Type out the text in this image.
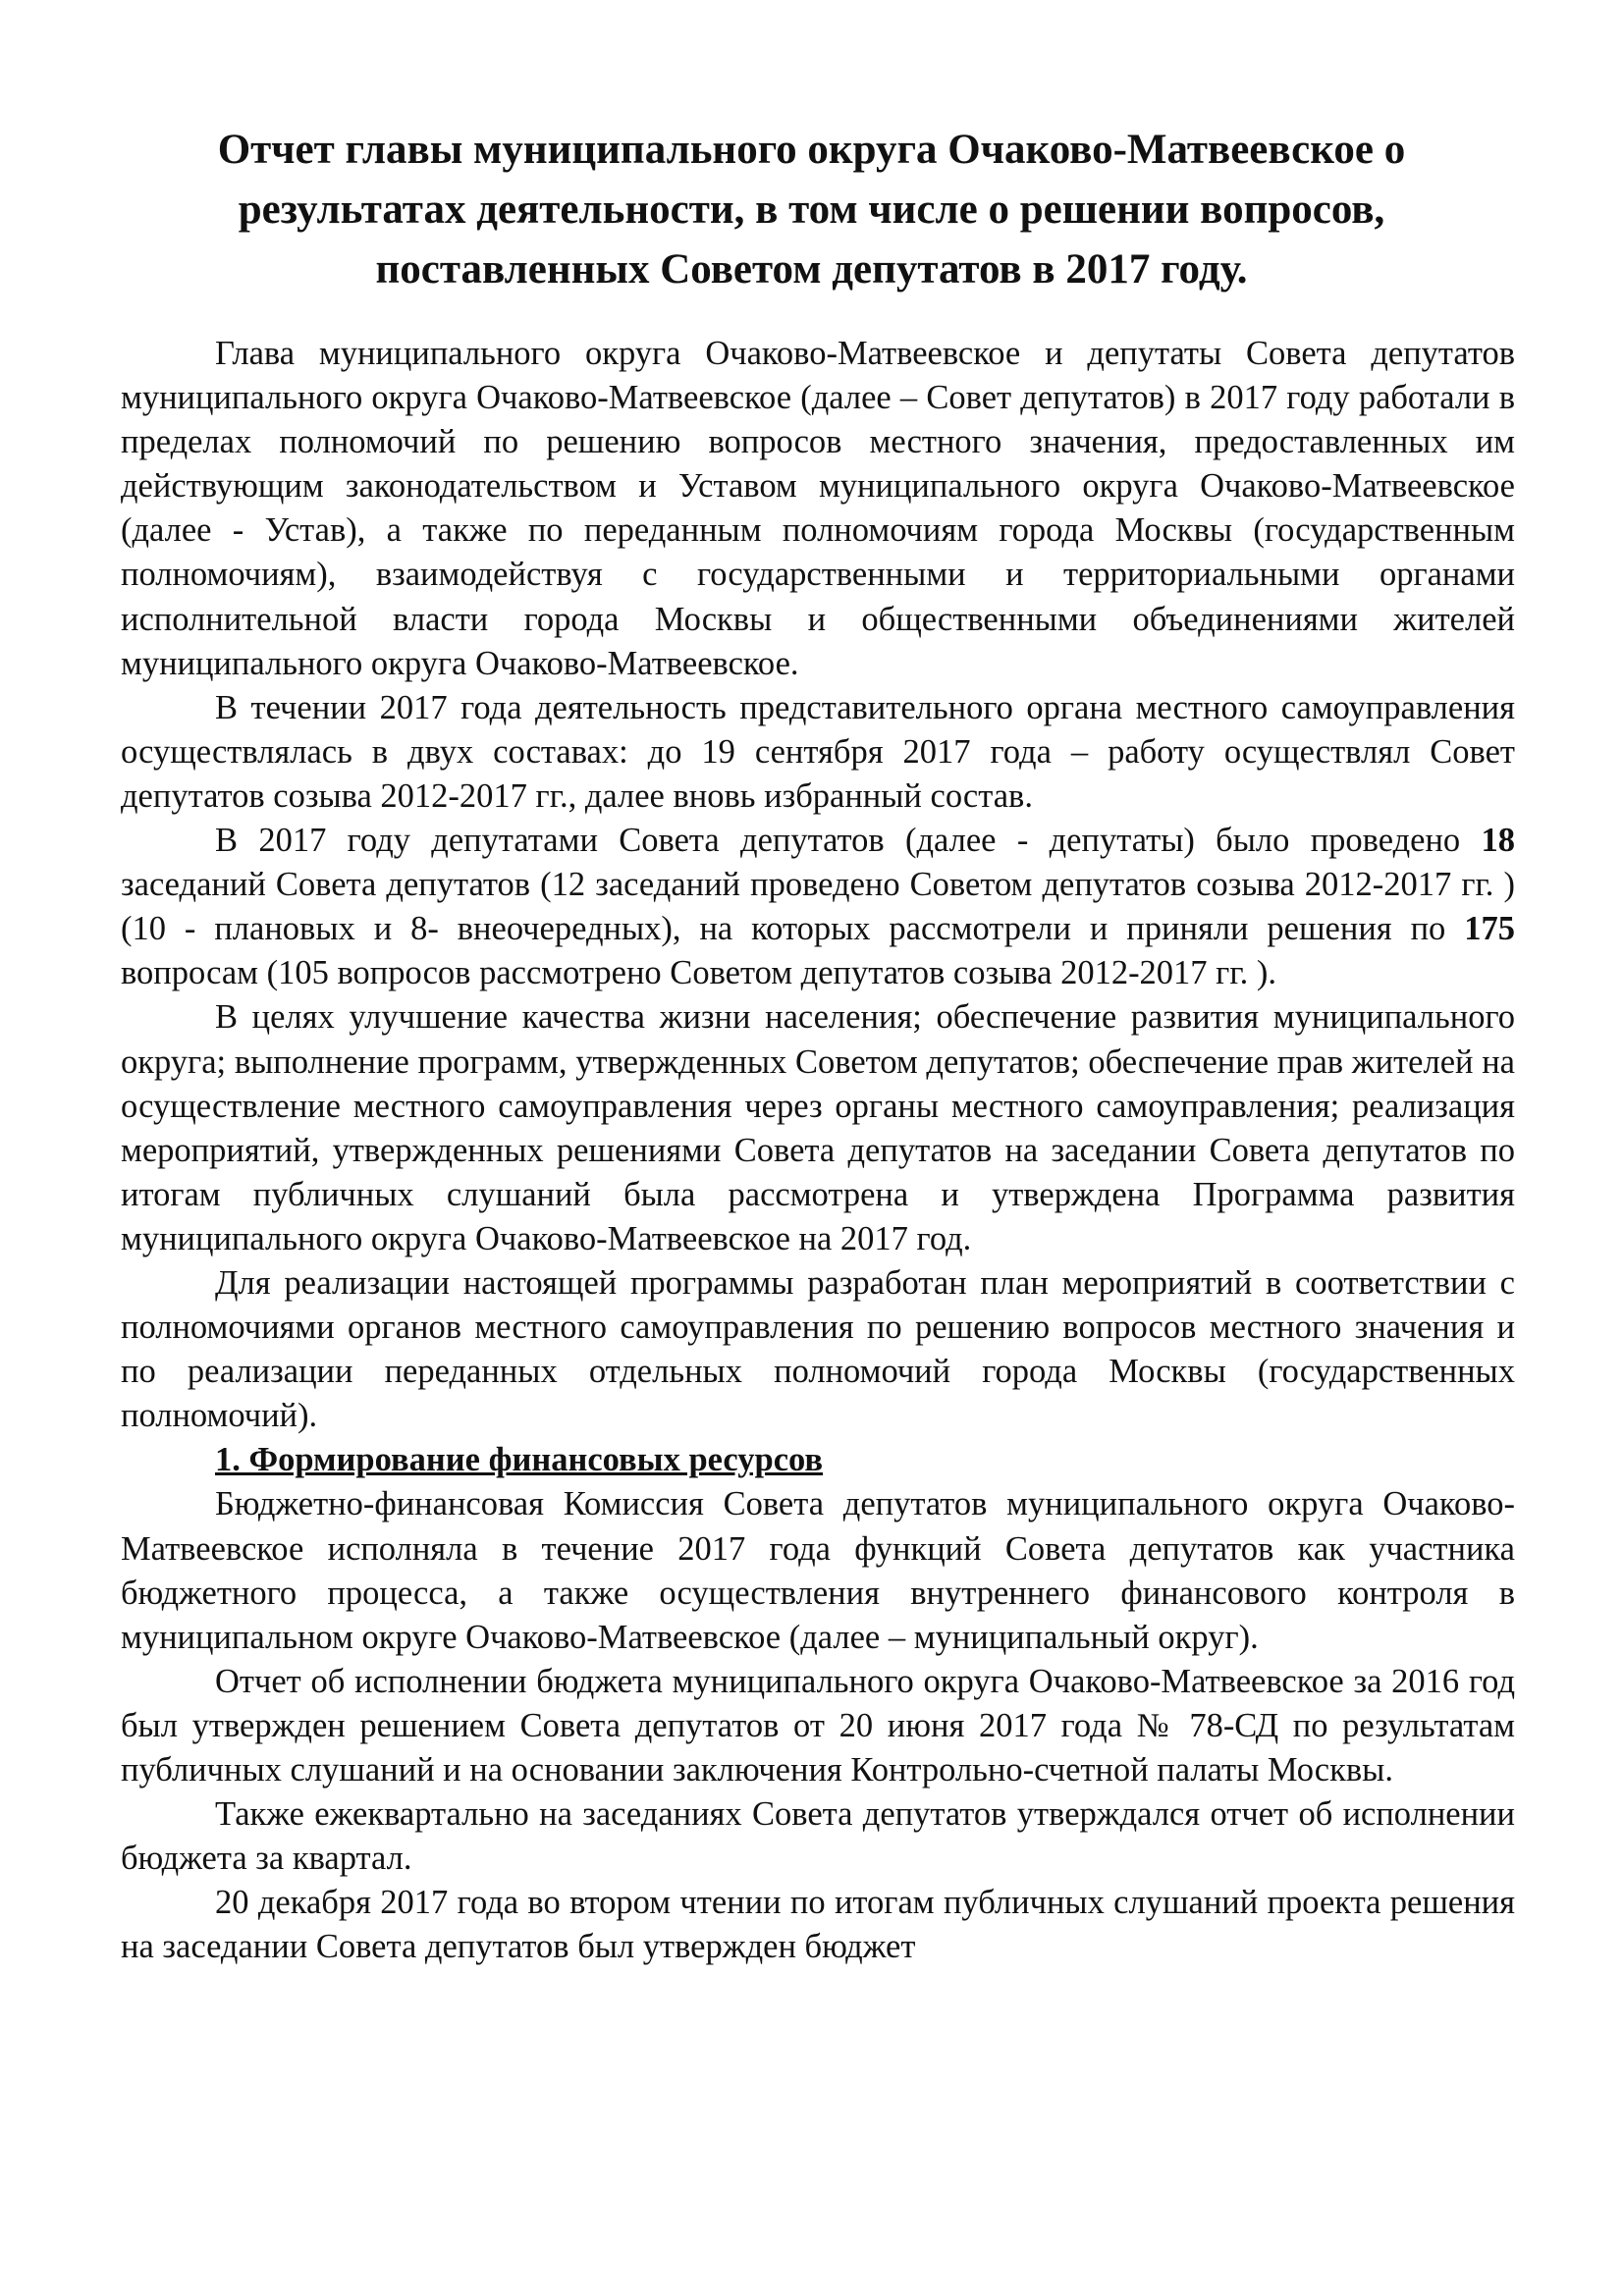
Отчет главы муниципального округа Очаково-Матвеевское о результатах деятельности, в том числе о решении вопросов, поставленных Советом депутатов в 2017 году.

Глава муниципального округа Очаково-Матвеевское и депутаты Совета депутатов муниципального округа Очаково-Матвеевское (далее – Совет депутатов) в 2017 году работали в пределах полномочий по решению вопросов местного значения, предоставленных им действующим законодательством и Уставом муниципального округа Очаково-Матвеевское (далее - Устав), а также по переданным полномочиям города Москвы (государственным полномочиям), взаимодействуя с государственными и территориальными органами исполнительной власти города Москвы и общественными объединениями жителей муниципального округа Очаково-Матвеевское.

В течении 2017 года деятельность представительного органа местного самоуправления осуществлялась в двух составах: до 19 сентября 2017 года – работу осуществлял Совет депутатов созыва 2012-2017 гг., далее вновь избранный состав.

В 2017 году депутатами Совета депутатов (далее - депутаты) было проведено 18 заседаний Совета депутатов (12 заседаний проведено Советом депутатов созыва 2012-2017 гг. ) (10 - плановых и 8- внеочередных), на которых рассмотрели и приняли решения по 175 вопросам (105 вопросов рассмотрено Советом депутатов созыва 2012-2017 гг. ).

В целях улучшение качества жизни населения; обеспечение развития муниципального округа; выполнение программ, утвержденных Советом депутатов; обеспечение прав жителей на осуществление местного самоуправления через органы местного самоуправления; реализация мероприятий, утвержденных решениями Совета депутатов на заседании Совета депутатов по итогам публичных слушаний была рассмотрена и утверждена Программа развития муниципального округа Очаково-Матвеевское на 2017 год.

Для реализации настоящей программы разработан план мероприятий в соответствии с полномочиями органов местного самоуправления по решению вопросов местного значения и по реализации переданных отдельных полномочий города Москвы (государственных полномочий).

1. Формирование финансовых ресурсов

Бюджетно-финансовая Комиссия Совета депутатов муниципального округа Очаково-Матвеевское исполняла в течение 2017 года функций Совета депутатов как участника бюджетного процесса, а также осуществления внутреннего финансового контроля в муниципальном округе Очаково-Матвеевское (далее – муниципальный округ).

Отчет об исполнении бюджета муниципального округа Очаково-Матвеевское за 2016 год был утвержден решением Совета депутатов от 20 июня 2017 года № 78-СД по результатам публичных слушаний и на основании заключения Контрольно-счетной палаты Москвы.

Также ежеквартально на заседаниях Совета депутатов утверждался отчет об исполнении бюджета за квартал.

20 декабря 2017 года во втором чтении по итогам публичных слушаний проекта решения на заседании Совета депутатов был утвержден бюджет
